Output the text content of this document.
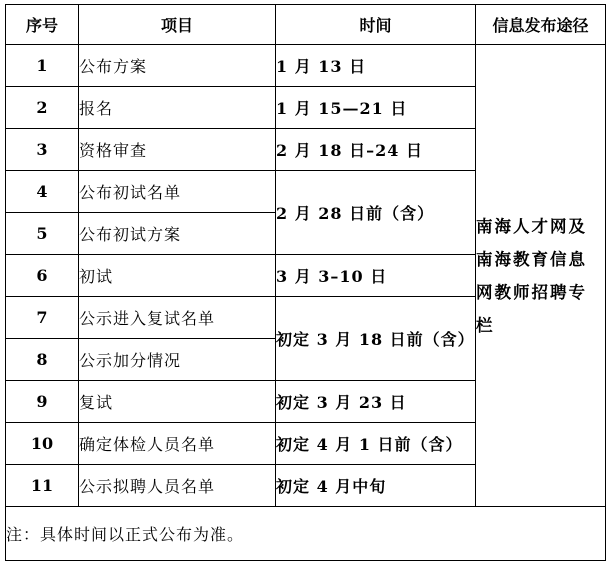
序号	项目	时间	信息发布途径
1	公布方案	1 月 13 日	南海人才网及南海教育信息网教师招聘专栏
2	报名	1 月 15—21 日	
3	资格审查	2 月 18 日–24 日	
4	公布初试名单	2 月 28 日前（含）	
5	公布初试方案		
6	初试	3 月 3–10 日	
7	公示进入复试名单	初定 3 月 18 日前（含）	
8	公示加分情况		
9	复试	初定 3 月 23 日	
10	确定体检人员名单	初定 4 月 1 日前（含）	
11	公示拟聘人员名单	初定 4 月中旬	
注：具体时间以正式公布为准。			
